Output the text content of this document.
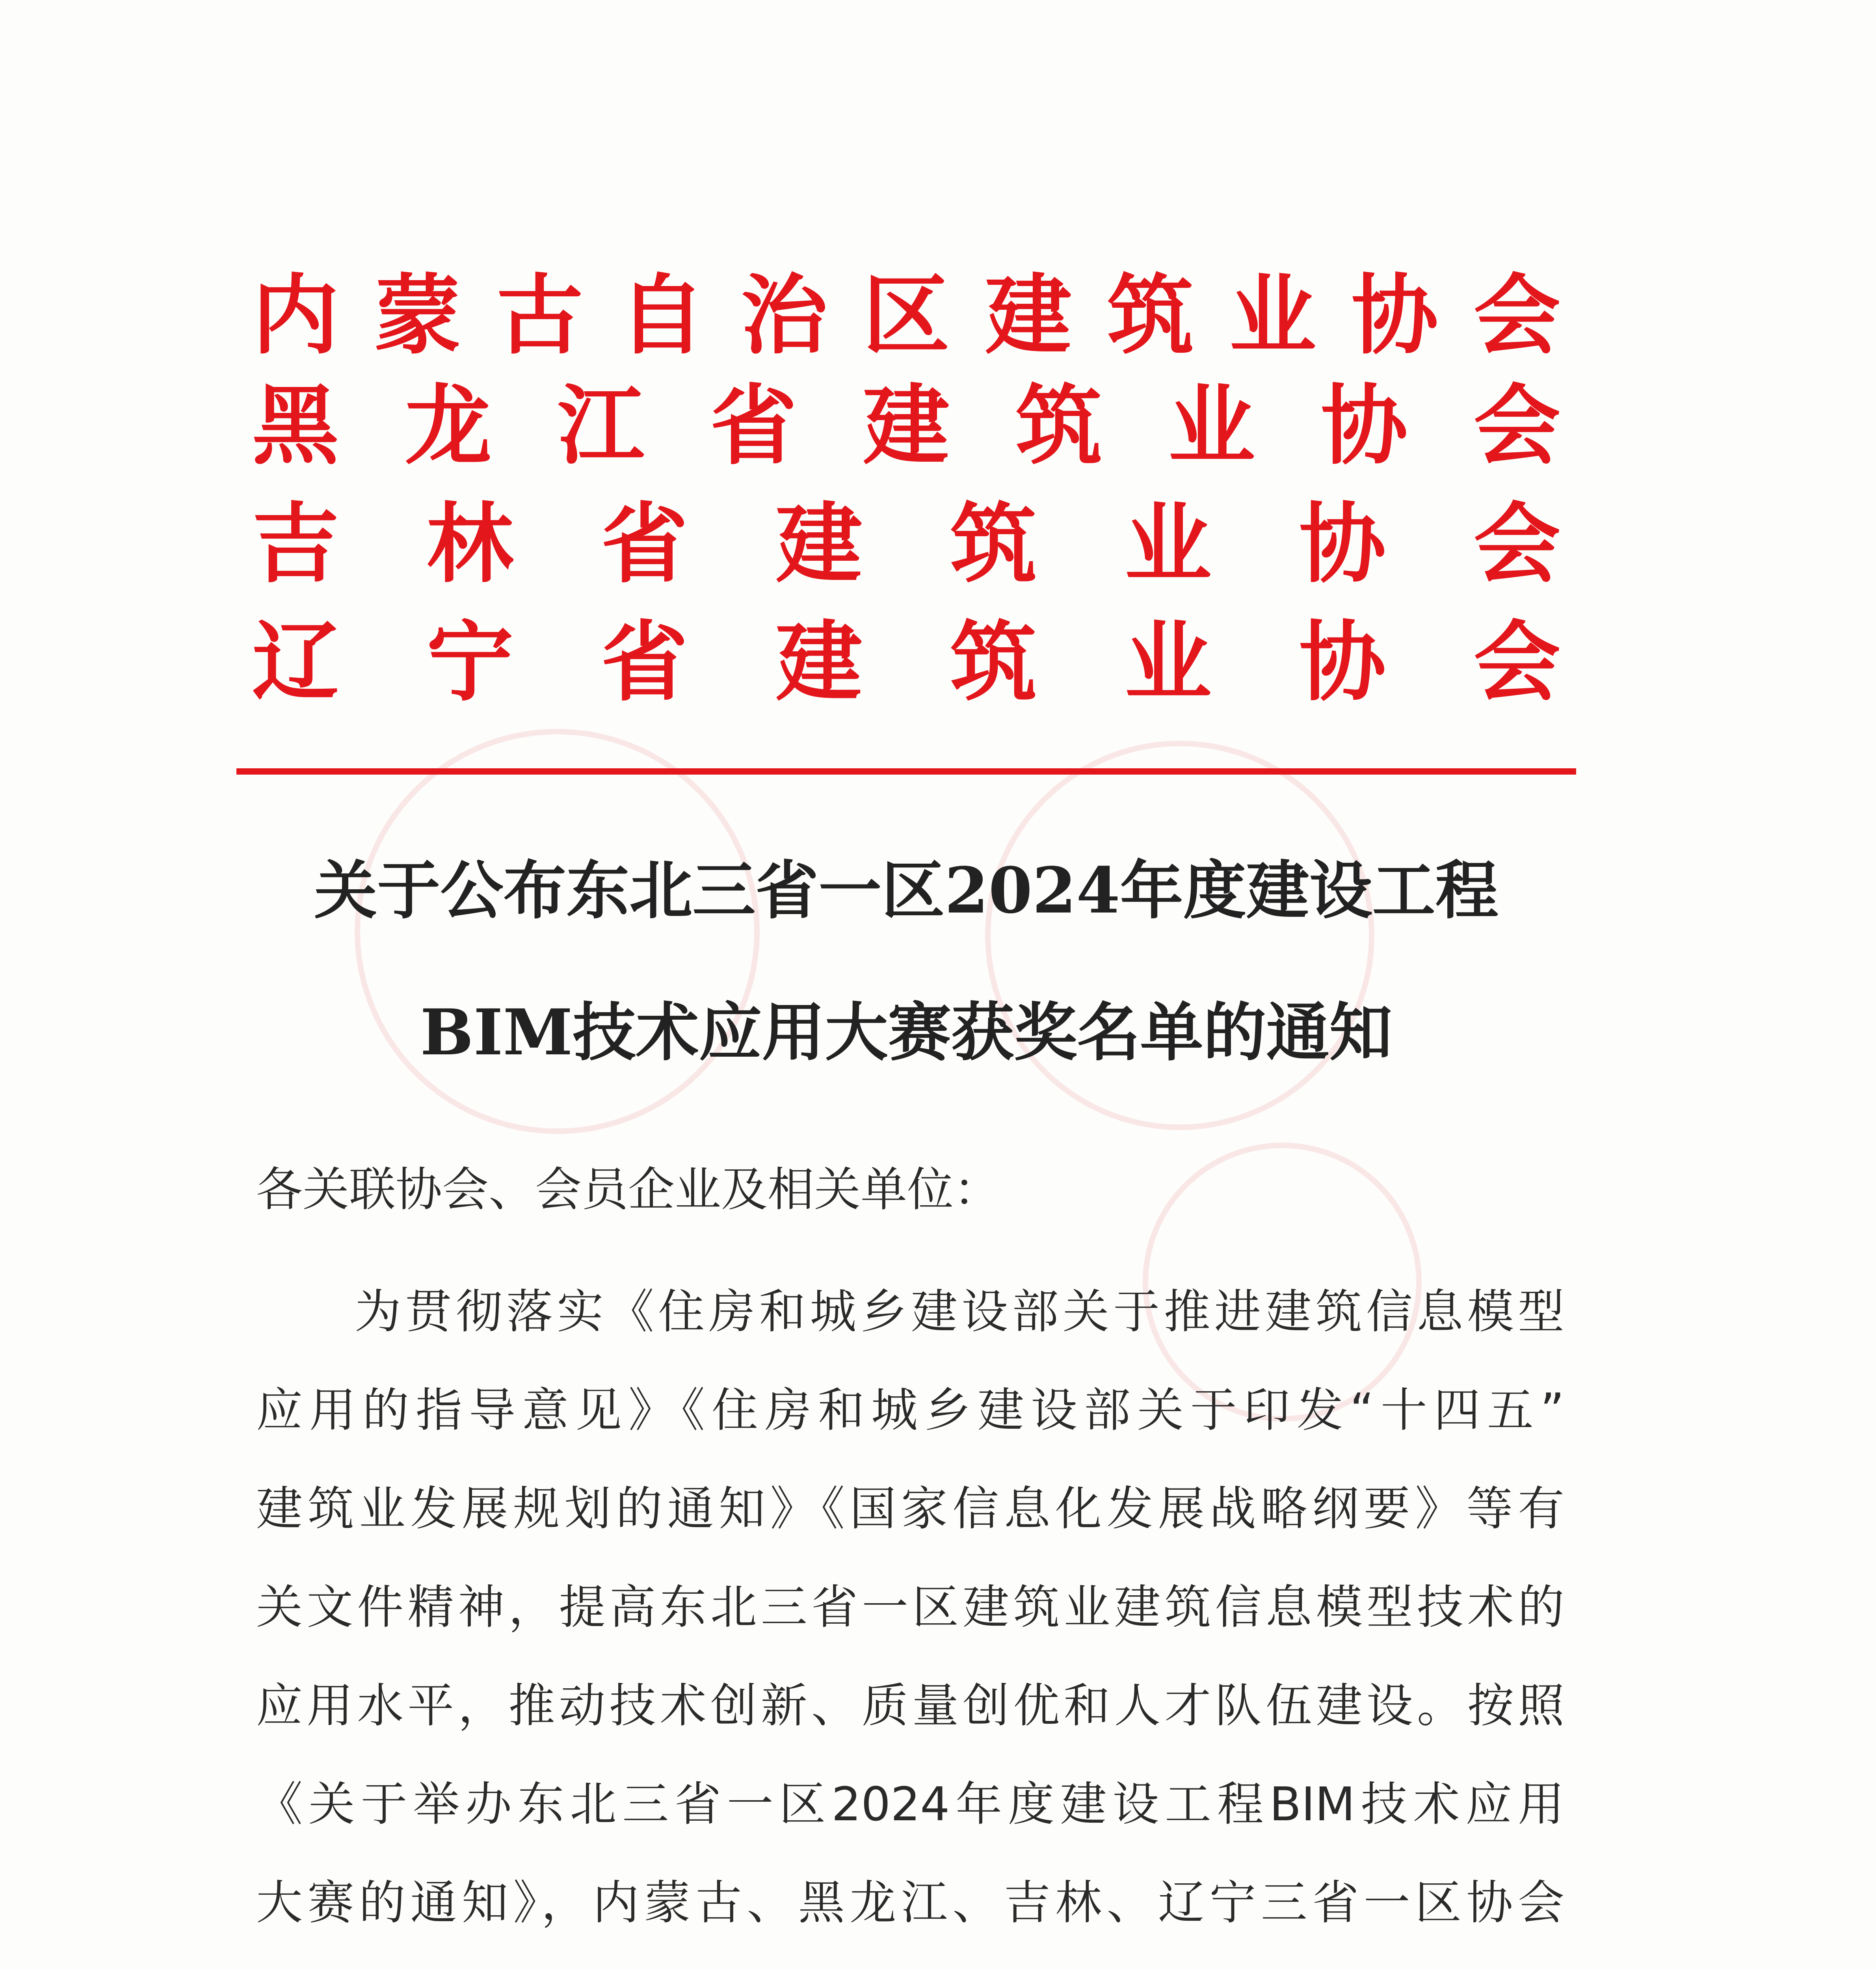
内 蒙 古 自 治 区 建 筑 业 协 会
黑 龙 江 省 建 筑 业 协 会
吉 林 省 建 筑 业 协 会
辽 宁 省 建 筑 业 协 会
关于公布东北三省一区2024年度建设工程
BIM技术应用大赛获奖名单的通知
各关联协会、会员企业及相关单位：
为贯彻落实《住房和城乡建设部关于推进建筑信息模型
应用的指导意见》《住房和城乡建设部关于印发“十四五”
建筑业发展规划的通知》《国家信息化发展战略纲要》等有
关文件精神，提高东北三省一区建筑业建筑信息模型技术的
应用水平，推动技术创新、质量创优和人才队伍建设。按照
《关于举办东北三省一区2024年度建设工程BIM技术应用
大赛的通知》，内蒙古、黑龙江、吉林、辽宁三省一区协会
